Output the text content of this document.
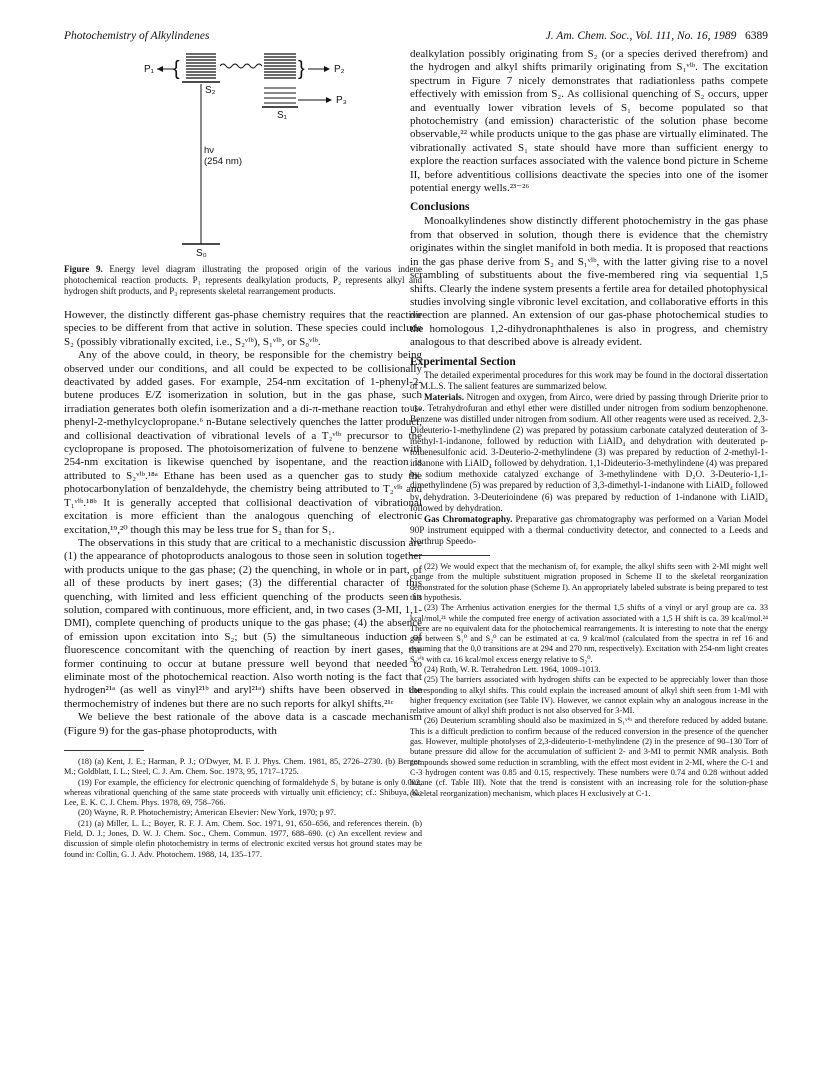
Photochemistry of Alkylindenes	J. Am. Chem. Soc., Vol. 111, No. 16, 1989 6389
P₁ {
S₂
}	P₂
P₃
S₁
hν
(254 nm)
S₀
Figure 9. Energy level diagram illustrating the proposed origin of the various indene photochemical reaction products. P₁ represents dealkylation products, P₂ represents alkyl and hydrogen shift products, and P₃ represents skeletal rearrangement products.

However, the distinctly different gas-phase chemistry requires that the reactive species to be different from that active in solution. These species could include S₂ (possibly vibrationally excited, i.e., S₂ᵛⁱᵇ), S₁ᵛⁱᵇ, or S₀ᵛⁱᵇ.

Any of the above could, in theory, be responsible for the chemistry being observed under our conditions, and all could be expected to be collisionally deactivated by added gases. For example, 254-nm excitation of 1-phenyl-2-butene produces E/Z isomerization in solution, but in the gas phase, such irradiation generates both olefin isomerization and a di-π-methane reaction to 1-phenyl-2-methylcyclopropane.⁶ n-Butane selectively quenches the latter product, and collisional deactivation of vibrational levels of a T₂ᵛⁱᵇ precursor to the cyclopropane is proposed. The photoisomerization of fulvene to benzene with 254-nm excitation is likewise quenched by isopentane, and the reaction is attributed to S₂ᵛⁱᵇ.¹⁸ᵃ Ethane has been used as a quencher gas to study the photocarbonylation of benzaldehyde, the chemistry being attributed to T₂ᵛⁱᵇ and T₁ᵛⁱᵇ.¹⁸ᵇ It is generally accepted that collisional deactivation of vibrational excitation is more efficient than the analogous quenching of electronic excitation,¹⁹,²⁰ though this may be less true for S₂ than for S₁.

The observations in this study that are critical to a mechanistic discussion are (1) the appearance of photoproducts analogous to those seen in solution together with products unique to the gas phase; (2) the quenching, in whole or in part, of all of these products by inert gases; (3) the differential character of this quenching, with limited and less efficient quenching of the products seen in solution, compared with continuous, more efficient, and, in two cases (3-MI, 1,1-DMI), complete quenching of products unique to the gas phase; (4) the absence of emission upon excitation into S₂; but (5) the simultaneous induction of fluorescence concomitant with the quenching of reaction by inert gases, the former continuing to occur at butane pressure well beyond that needed to eliminate most of the photochemical reaction. Also worth noting is the fact that hydrogen²¹ᵃ (as well as vinyl²¹ᵇ and aryl²¹ᵃ) shifts have been observed in the thermochemistry of indenes but there are no such reports for alkyl shifts.²¹ᶜ

We believe the best rationale of the above data is a cascade mechanism (Figure 9) for the gas-phase photoproducts, with

(18) (a) Kent, J. E.; Harman, P. J.; O'Dwyer, M. F. J. Phys. Chem. 1981, 85, 2726–2730. (b) Berger, M.; Goldblatt, I. L.; Steel, C. J. Am. Chem. Soc. 1973, 95, 1717–1725.

(19) For example, the efficiency for electronic quenching of formaldehyde S₁ by butane is only 0.002, whereas vibrational quenching of the same state proceeds with virtually unit efficiency; cf.: Shibuya, K.; Lee, E. K. C. J. Chem. Phys. 1978, 69, 758–766.

(20) Wayne, R. P. Photochemistry; American Elsevier: New York, 1970; p 97.

(21) (a) Miller, L. L.; Boyer, R. F. J. Am. Chem. Soc. 1971, 91, 650–656, and references therein. (b) Field, D. J.; Jones, D. W. J. Chem. Soc., Chem. Commun. 1977, 688–690. (c) An excellent review and discussion of simple olefin photochemistry in terms of electronic excited versus hot ground states may be found in: Collin, G. J. Adv. Photochem. 1988, 14, 135–177.

dealkylation possibly originating from S₂ (or a species derived therefrom) and the hydrogen and alkyl shifts primarily originating from S₁ᵛⁱᵇ. The excitation spectrum in Figure 7 nicely demonstrates that radiationless paths compete effectively with emission from S₂. As collisional quenching of S₂ occurs, upper and eventually lower vibration levels of S₁ become populated so that photochemistry (and emission) characteristic of the solution phase become observable,²² while products unique to the gas phase are virtually eliminated. The vibrationally activated S₁ state should have more than sufficient energy to explore the reaction surfaces associated with the valence bond picture in Scheme II, before adventitious collisions deactivate the species into one of the isomer potential energy wells.²³⁻²⁶

Conclusions

Monoalkylindenes show distinctly different photochemistry in the gas phase from that observed in solution, though there is evidence that the chemistry originates within the singlet manifold in both media. It is proposed that reactions in the gas phase derive from S₂ and S₁ᵛⁱᵇ, with the latter giving rise to a novel scrambling of substituents about the five-membered ring via sequential 1,5 shifts. Clearly the indene system presents a fertile area for detailed photophysical studies involving single vibronic level excitation, and collaborative efforts in this direction are planned. An extension of our gas-phase photochemical studies to the homologous 1,2-dihydronaphthalenes is also in progress, and chemistry analogous to that described above is already evident.

Experimental Section

The detailed experimental procedures for this work may be found in the doctoral dissertation of M.L.S. The salient features are summarized below.

Materials. Nitrogen and oxygen, from Airco, were dried by passing through Drierite prior to use. Tetrahydrofuran and ethyl ether were distilled under nitrogen from sodium benzophenone. Benzene was distilled under nitrogen from sodium. All other reagents were used as received. 2,3-Dideuterio-1-methylindene (2) was prepared by potassium carbonate catalyzed deuteration of 3-methyl-1-indanone, followed by reduction with LiAlD₄ and dehydration with deuterated p-toluenesulfonic acid. 3-Deuterio-2-methylindene (3) was prepared by reduction of 2-methyl-1-indanone with LiAlD₄ followed by dehydration. 1,1-Dideuterio-3-methylindene (4) was prepared by sodium methoxide catalyzed exchange of 3-methylindene with D₂O. 3-Deuterio-1,1-dimethylindene (5) was prepared by reduction of 3,3-dimethyl-1-indanone with LiAlD₄ followed by dehydration. 3-Deuterioindene (6) was prepared by reduction of 1-indanone with LiAlD₄ followed by dehydration.

Gas Chromatography. Preparative gas chromatography was performed on a Varian Model 90P instrument equipped with a thermal conductivity detector, and connected to a Leeds and Northrup Speedo-

(22) We would expect that the mechanism of, for example, the alkyl shifts seen with 2-MI might well change from the multiple substituent migration proposed in Scheme II to the skeletal reorganization demonstrated for the solution phase (Scheme I). An appropriately labeled substrate is being prepared to test this hypothesis.

(23) The Arrhenius activation energies for the thermal 1,5 shifts of a vinyl or aryl group are ca. 33 kcal/mol,²¹ while the computed free energy of activation associated with a 1,5 H shift is ca. 39 kcal/mol.²⁴ There are no equivalent data for the photochemical rearrangements. It is interesting to note that the energy gap between S₁⁰ and S₂⁰ can be estimated at ca. 9 kcal/mol (calculated from the spectra in ref 16 and assuming that the 0,0 transitions are at 294 and 270 nm, respectively). Excitation with 254-nm light creates S₂ᵛⁱᵇ with ca. 16 kcal/mol excess energy relative to S₂⁰.

(24) Roth, W. R. Tetrahedron Lett. 1964, 1009–1013.

(25) The barriers associated with hydrogen shifts can be expected to be appreciably lower than those corresponding to alkyl shifts. This could explain the increased amount of alkyl shift seen from 1-MI with higher frequency excitation (see Table IV). However, we cannot explain why an analogous increase in the relative amount of alkyl shift product is not also observed for 3-MI.

(26) Deuterium scrambling should also be maximized in S₁ᵛⁱᵇ and therefore reduced by added butane. This is a difficult prediction to confirm because of the reduced conversion in the presence of the quencher gas. However, multiple photolyses of 2,3-dideuterio-1-methylindene (2) in the presence of 90–130 Torr of butane pressure did allow for the accumulation of sufficient 2- and 3-MI to permit NMR analysis. Both compounds showed some reduction in scrambling, with the effect most evident in 2-MI, where the C-1 and C-3 hydrogen content was 0.85 and 0.15, respectively. These numbers were 0.74 and 0.28 without added butane (cf. Table III). Note that the trend is consistent with an increasing role for the solution-phase (skeletal reorganization) mechanism, which places H exclusively at C-1.
